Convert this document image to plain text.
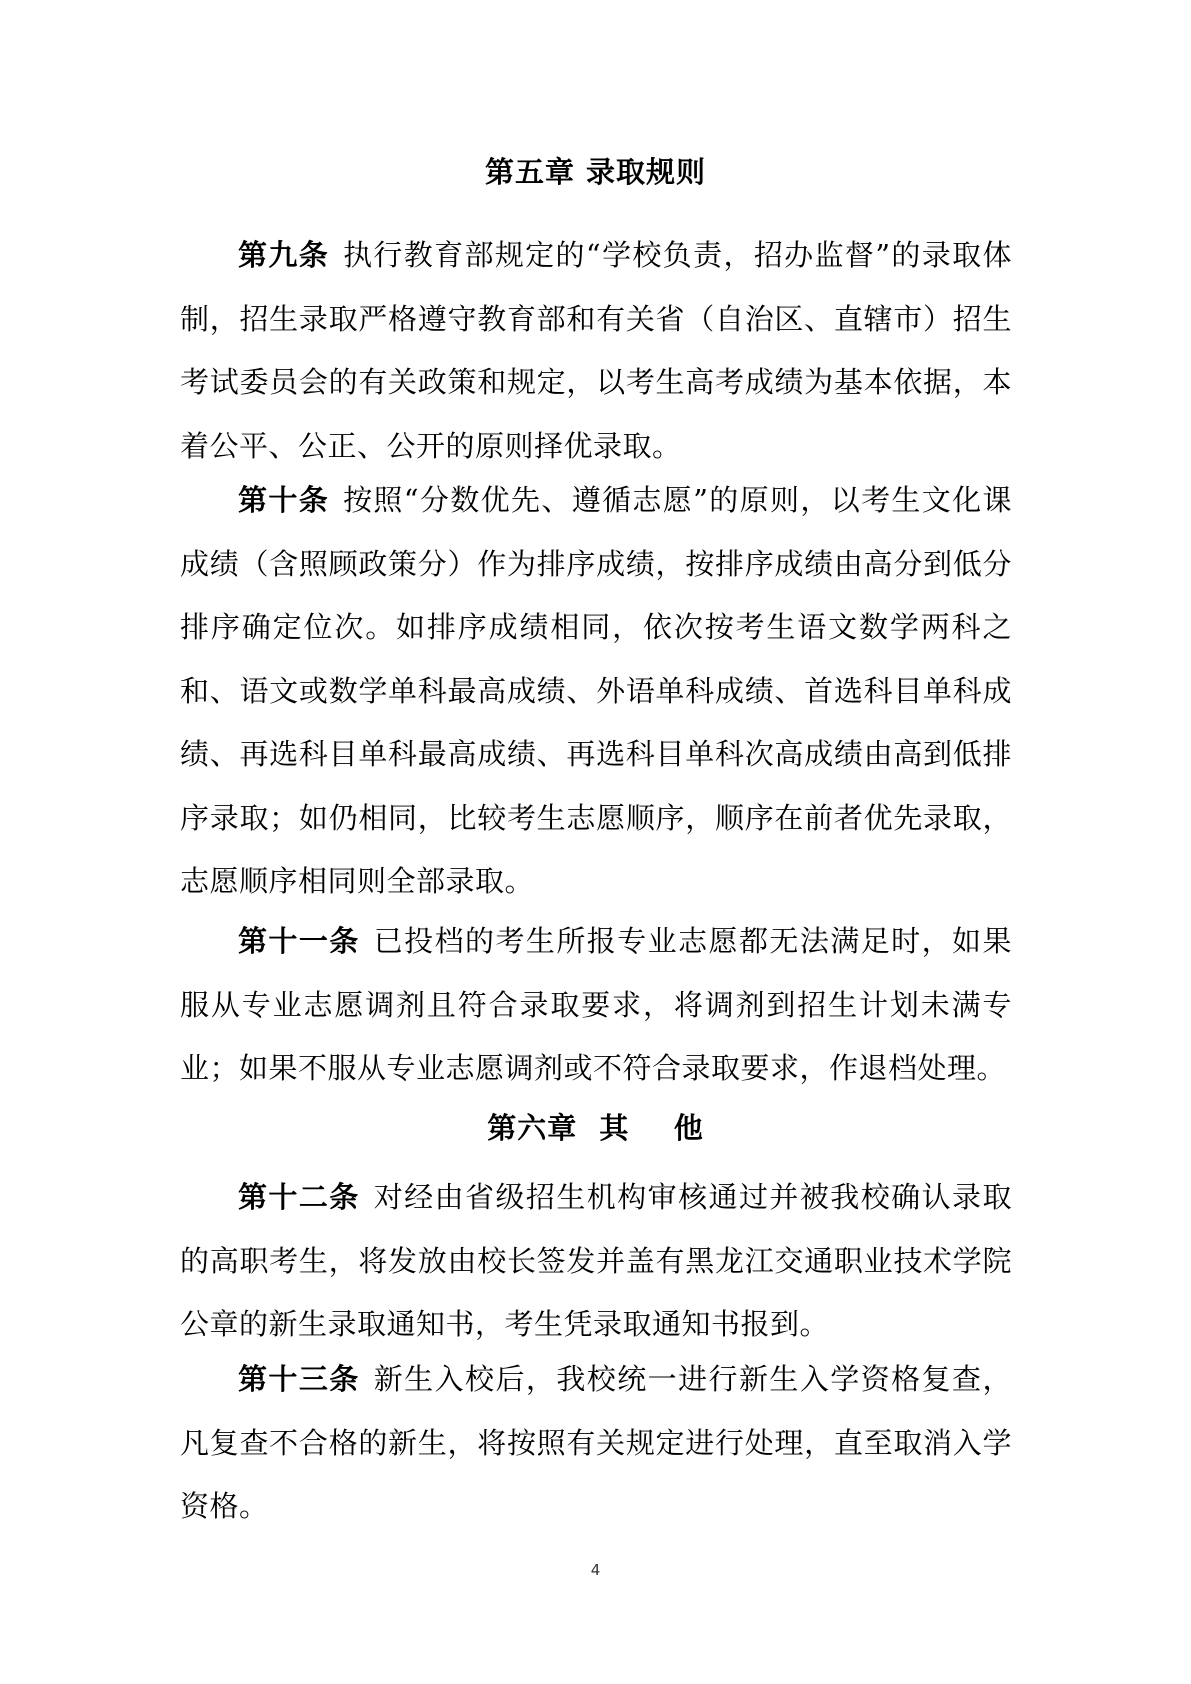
第五章 录取规则

第九条 执行教育部规定的“学校负责，招办监督”的录取体制，招生录取严格遵守教育部和有关省（自治区、直辖市）招生考试委员会的有关政策和规定，以考生高考成绩为基本依据，本着公平、公正、公开的原则择优录取。

第十条 按照“分数优先、遵循志愿”的原则，以考生文化课成绩（含照顾政策分）作为排序成绩，按排序成绩由高分到低分排序确定位次。如排序成绩相同，依次按考生语文数学两科之和、语文或数学单科最高成绩、外语单科成绩、首选科目单科成绩、再选科目单科最高成绩、再选科目单科次高成绩由高到低排序录取；如仍相同，比较考生志愿顺序，顺序在前者优先录取，志愿顺序相同则全部录取。

第十一条 已投档的考生所报专业志愿都无法满足时，如果服从专业志愿调剂且符合录取要求，将调剂到招生计划未满专业；如果不服从专业志愿调剂或不符合录取要求，作退档处理。

第六章  其    他

第十二条 对经由省级招生机构审核通过并被我校确认录取的高职考生，将发放由校长签发并盖有黑龙江交通职业技术学院公章的新生录取通知书，考生凭录取通知书报到。

第十三条 新生入校后，我校统一进行新生入学资格复查，凡复查不合格的新生，将按照有关规定进行处理，直至取消入学资格。

4
